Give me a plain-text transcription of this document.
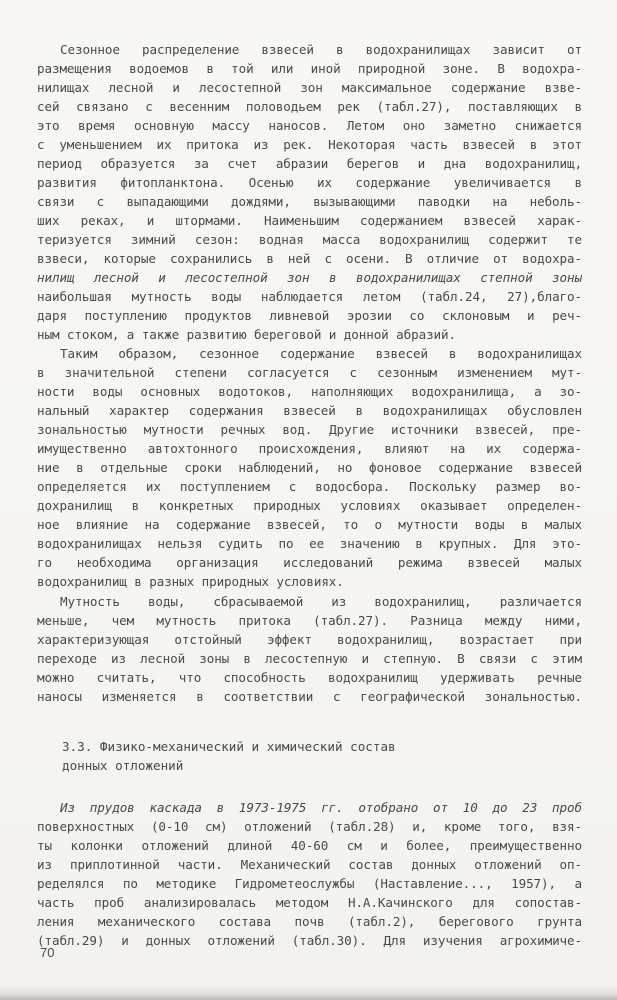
Сезонное распределение взвесей в водохранилищах зависит от
размещения водоемов в той или иной природной зоне. В водохра-
нилищах лесной и лесостепной зон максимальное содержание взве-
сей связано с весенним половодьем рек (табл.27), поставляющих в
это время основную массу наносов. Летом оно заметно снижается
с уменьшением их притока из рек. Некоторая часть взвесей в этот
период образуется за счет абразии берегов и дна водохранилищ,
развития фитопланктона. Осенью их содержание увеличивается в
связи с выпадающими дождями, вызывающими паводки на неболь-
ших реках, и штормами. Наименьшим содержанием взвесей харак-
теризуется зимний сезон: водная масса водохранилищ содержит те
взвеси, которые сохранились в ней с осени. В отличие от водохра-
нилищ лесной и лесостепной зон в водохранилищах степной зоны
наибольшая мутность воды наблюдается летом (табл.24, 27),благо-
даря поступлению продуктов ливневой эрозии со склоновым и реч-
ным стоком, а также развитию береговой и донной абразий.
Таким образом, сезонное содержание взвесей в водохранилищах
в значительной степени согласуется с сезонным изменением мут-
ности воды основных водотоков, наполняющих водохранилища, а зо-
нальный характер содержания взвесей в водохранилищах обусловлен
зональностью мутности речных вод. Другие источники взвесей, пре-
имущественно автохтонного происхождения, влияют на их содержа-
ние в отдельные сроки наблюдений, но фоновое содержание взвесей
определяется их поступлением с водосбора. Поскольку размер во-
дохранилищ в конкретных природных условиях оказывает определен-
ное влияние на содержание взвесей, то о мутности воды в малых
водохранилищах нельзя судить по ее значению в крупных. Для это-
го необходима организация исследований режима взвесей малых
водохранилищ в разных природных условиях.
Мутность воды, сбрасываемой из водохранилищ, различается
меньше, чем мутность притока (табл.27). Разница между ними,
характеризующая отстойный эффект водохранилищ, возрастает при
переходе из лесной зоны в лесостепную и степную. В связи с этим
можно считать, что способность водохранилищ удерживать речные
наносы изменяется в соответствии с географической зональностью.
3.3. Физико-механический и химический состав
донных отложений
Из прудов каскада в 1973-1975 гг. отобрано от 10 до 23 проб
поверхностных (0-10 см) отложений (табл.28) и, кроме того, взя-
ты колонки отложений длиной 40-60 см и более, преимущественно
из приплотинной части. Механический состав донных отложений оп-
ределялся по методике Гидрометеослужбы (Наставление..., 1957), а
часть проб анализировалась методом Н.А.Качинского для сопостав-
ления механического состава почв (табл.2), берегового грунта
(табл.29) и донных отложений (табл.30). Для изучения агрохимиче-
70
